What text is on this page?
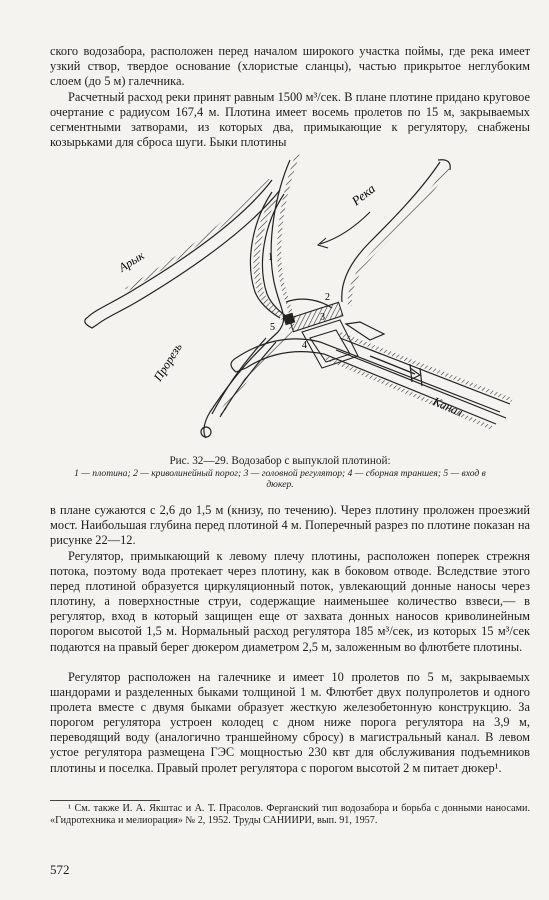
ского водозабора, расположен перед началом широкого участка поймы, где река имеет узкий створ, твердое основание (хлористые сланцы), частью прикрытое неглубоким слоем (до 5 м) галечника.

Расчетный расход реки принят равным 1500 м³/сек. В плане плотине придано круговое очертание с радиусом 167,4 м. Плотина имеет восемь пролетов по 15 м, закрываемых сегментными затворами, из которых два, примыкающие к регулятору, снабжены козырьками для сброса шуги. Быки плотины

Река
Арык
Прорезь
Канал
1
2
3
4
5
Рис. 32—29. Водозабор с выпуклой плотиной:
1 — плотина; 2 — криволинейный порог; 3 — головной регулятор; 4 — сборная траншея; 5 — вход в дюкер.

в плане сужаются с 2,6 до 1,5 м (книзу, по течению). Через плотину проложен проезжий мост. Наибольшая глубина перед плотиной 4 м. Поперечный разрез по плотине показан на рисунке 22—12.

Регулятор, примыкающий к левому плечу плотины, расположен поперек стрежня потока, поэтому вода протекает через плотину, как в боковом отводе. Вследствие этого перед плотиной образуется циркуляционный поток, увлекающий донные наносы через плотину, а поверхностные струи, содержащие наименьшее количество взвеси,— в регулятор, вход в который защищен еще от захвата донных наносов криволинейным порогом высотой 1,5 м. Нормальный расход регулятора 185 м³/сек, из которых 15 м³/сек подаются на правый берег дюкером диаметром 2,5 м, заложенным во флютбете плотины.

Регулятор расположен на галечнике и имеет 10 пролетов по 5 м, закрываемых шандорами и разделенных быками толщиной 1 м. Флютбет двух полупролетов и одного пролета вместе с двумя быками образует жесткую железобетонную конструкцию. За порогом регулятора устроен колодец с дном ниже порога регулятора на 3,9 м, переводящий воду (аналогично траншейному сбросу) в магистральный канал. В левом устое регулятора размещена ГЭС мощностью 230 квт для обслуживания подъемников плотины и поселка. Правый пролет регулятора с порогом высотой 2 м питает дюкер¹.

¹ См. также И. А. Якштас и А. Т. Прасолов. Ферганский тип водозабора и борьба с донными наносами. «Гидротехника и мелиорация» № 2, 1952. Труды САНИИРИ, вып. 91, 1957.

572
